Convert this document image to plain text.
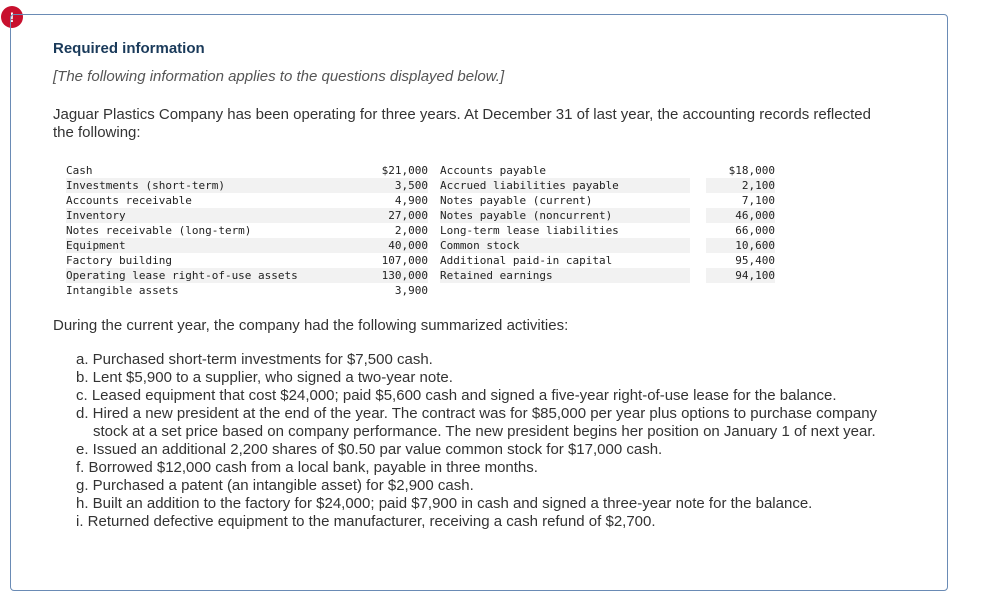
!
Required information

[The following information applies to the questions displayed below.]

Jaguar Plastics Company has been operating for three years. At December 31 of last year, the accounting records reflected the following:

Cash
Investments (short-term)
Accounts receivable
Inventory
Notes receivable (long-term)
Equipment
Factory building
Operating lease right-of-use assets
Intangible assets
$21,000
3,500
4,900
27,000
2,000
40,000
107,000
130,000
3,900
Accounts payable
Accrued liabilities payable
Notes payable (current)
Notes payable (noncurrent)
Long-term lease liabilities
Common stock
Additional paid-in capital
Retained earnings
$18,000
2,100
7,100
46,000
66,000
10,600
95,400
94,100

During the current year, the company had the following summarized activities:

a. Purchased short-term investments for $7,500 cash.
b. Lent $5,900 to a supplier, who signed a two-year note.
c. Leased equipment that cost $24,000; paid $5,600 cash and signed a five-year right-of-use lease for the balance.
d. Hired a new president at the end of the year. The contract was for $85,000 per year plus options to purchase company stock at a set price based on company performance. The new president begins her position on January 1 of next year.
e. Issued an additional 2,200 shares of $0.50 par value common stock for $17,000 cash.
f. Borrowed $12,000 cash from a local bank, payable in three months.
g. Purchased a patent (an intangible asset) for $2,900 cash.
h. Built an addition to the factory for $24,000; paid $7,900 in cash and signed a three-year note for the balance.
i. Returned defective equipment to the manufacturer, receiving a cash refund of $2,700.
